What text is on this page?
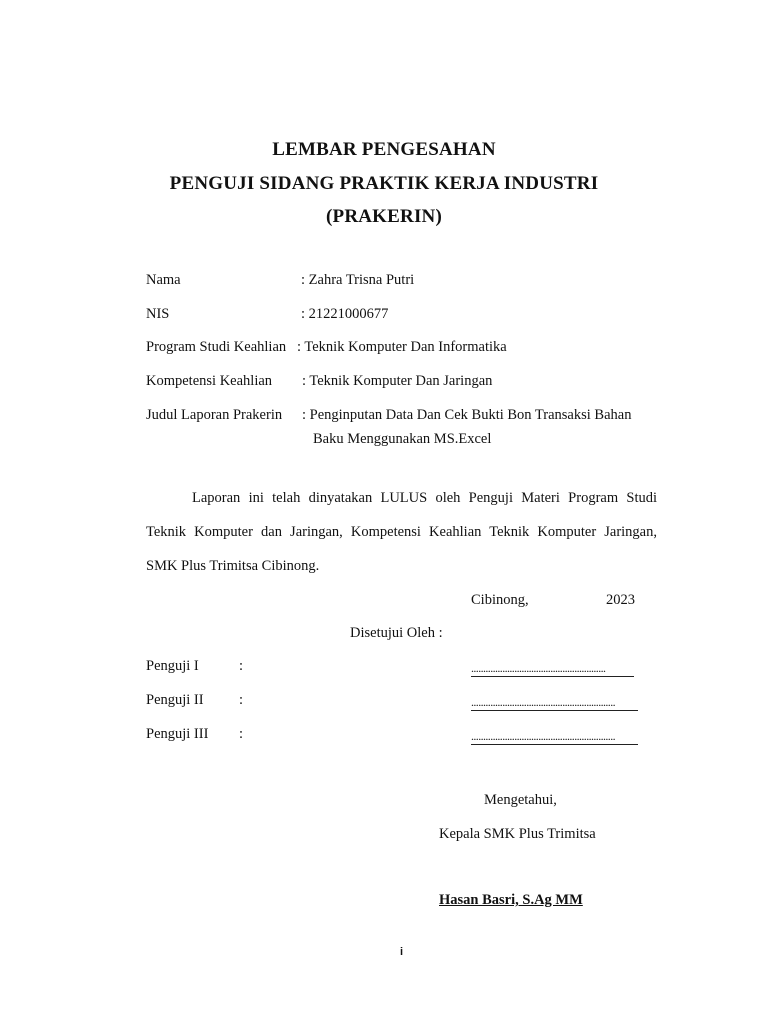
LEMBAR PENGESAHAN
PENGUJI SIDANG PRAKTIK KERJA INDUSTRI
(PRAKERIN)
Nama	: Zahra Trisna Putri
NIS	: 21221000677
Program Studi Keahlian : Teknik Komputer Dan Informatika
Kompetensi Keahlian : Teknik Komputer Dan Jaringan
Judul Laporan Prakerin : Penginputan Data Dan Cek Bukti Bon Transaksi Bahan
Baku Menggunakan MS.Excel
Laporan ini telah dinyatakan LULUS oleh Penguji Materi Program Studi
Teknik Komputer dan Jaringan, Kompetensi Keahlian Teknik Komputer Jaringan,
SMK Plus Trimitsa Cibinong.
Cibinong,	2023
Disetujui Oleh :
Penguji I	:	........................................................
Penguji II :	............................................................
Penguji III :	............................................................
Mengetahui,
Kepala SMK Plus Trimitsa
Hasan Basri, S.Ag MM
i
